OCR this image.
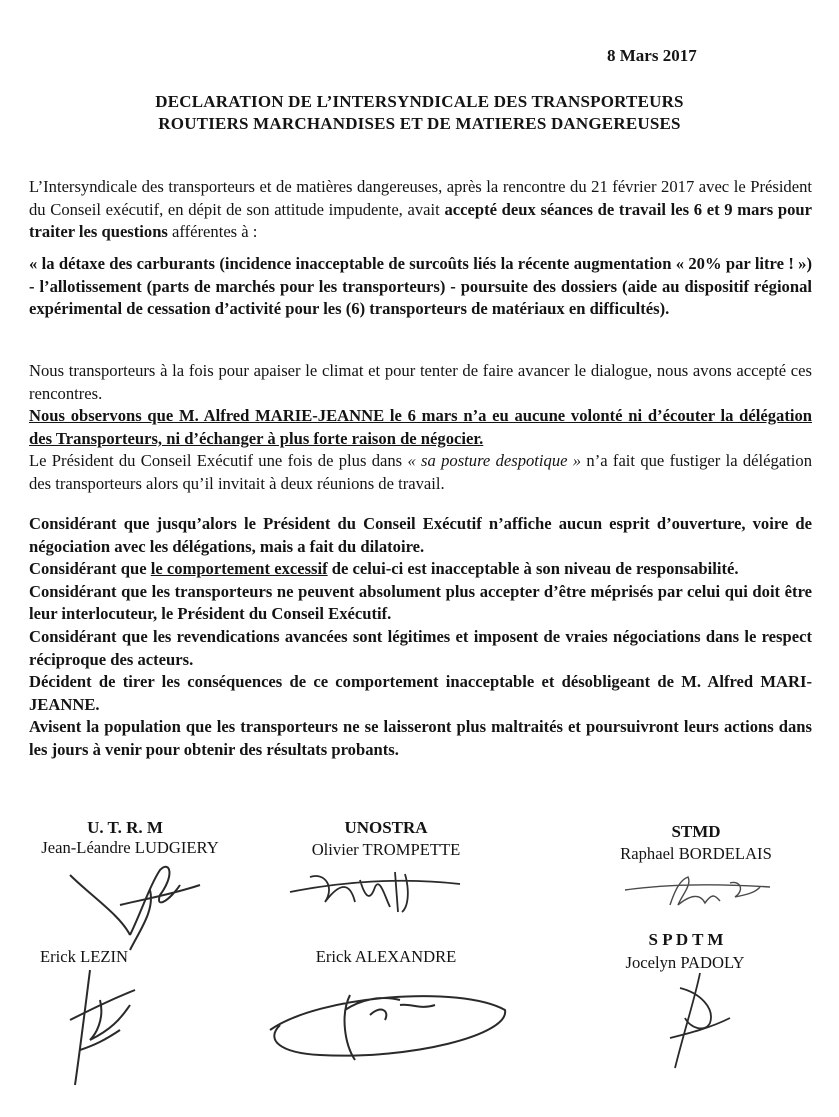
8 Mars 2017

DECLARATION DE L’INTERSYNDICALE DES TRANSPORTEURS

ROUTIERS MARCHANDISES ET DE MATIERES DANGEREUSES

L’Intersyndicale des transporteurs et de matières dangereuses, après la rencontre du 21 février 2017 avec le Président du Conseil exécutif, en dépit de son attitude impudente, avait accepté deux séances de travail les 6 et 9 mars pour traiter les questions afférentes à :

« la détaxe des carburants (incidence inacceptable de surcoûts liés la récente augmentation « 20% par litre ! ») - l’allotissement (parts de marchés pour les transporteurs) - poursuite des dossiers (aide au dispositif régional expérimental de cessation d’activité pour les (6) transporteurs de matériaux en difficultés).

Nous transporteurs à la fois pour apaiser le climat et pour tenter de faire avancer le dialogue, nous avons accepté ces rencontres.
Nous observons que M. Alfred MARIE-JEANNE le 6 mars n’a eu aucune volonté ni d’écouter la délégation des Transporteurs, ni d’échanger à plus forte raison de négocier.
Le Président du Conseil Exécutif une fois de plus dans « sa posture despotique » n’a fait que fustiger la délégation des transporteurs alors qu’il invitait à deux réunions de travail.
Considérant que jusqu’alors le Président du Conseil Exécutif n’affiche aucun esprit d’ouverture, voire de négociation avec les délégations, mais a fait du dilatoire.
Considérant que le comportement excessif de celui-ci est inacceptable à son niveau de responsabilité.
Considérant que les transporteurs ne peuvent absolument plus accepter d’être méprisés par celui qui doit être leur interlocuteur, le Président du Conseil Exécutif.
Considérant que les revendications avancées sont légitimes et imposent de vraies négociations dans le respect réciproque des acteurs.
Décident de tirer les conséquences de ce comportement inacceptable et désobligeant de M. Alfred MARI-JEANNE.
Avisent la population que les transporteurs ne se laisseront plus maltraités et poursuivront leurs actions dans les jours à venir pour obtenir des résultats probants.
U. T. R. M
Jean-Léandre LUDGIERY
UNOSTRA
Olivier TROMPETTE
STMD
Raphael BORDELAIS
Erick LEZIN	Erick ALEXANDRE
S P D T M
Jocelyn PADOLY
